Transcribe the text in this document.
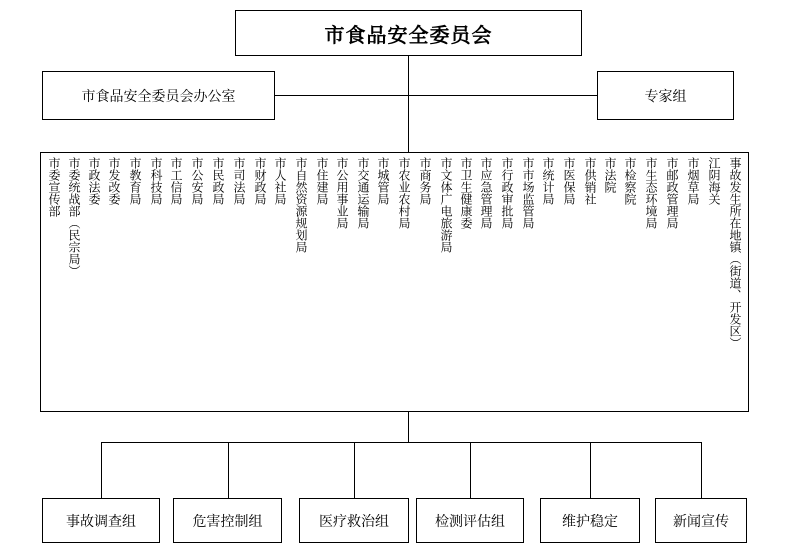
市食品安全委员会
市食品安全委员会办公室	专家组
事故发生所在地镇（街道、开发区）
江阴海关
市烟草局
市邮政管理局
市生态环境局
市检察院
市法院
市供销社
市医保局
市统计局
市市场监管局
市行政审批局
市应急管理局
市卫生健康委
市文体广电旅游局
市商务局
市农业农村局
市城管局
市交通运输局
市公用事业局
市住建局
市自然资源规划局
市人社局
市财政局
市司法局
市民政局
市公安局
市工信局
市科技局
市教育局
市发改委
市政法委
市委统战部（民宗局）
市委宣传部
事故调查组	危害控制组	医疗救治组	检测评估组	维护稳定	新闻宣传
